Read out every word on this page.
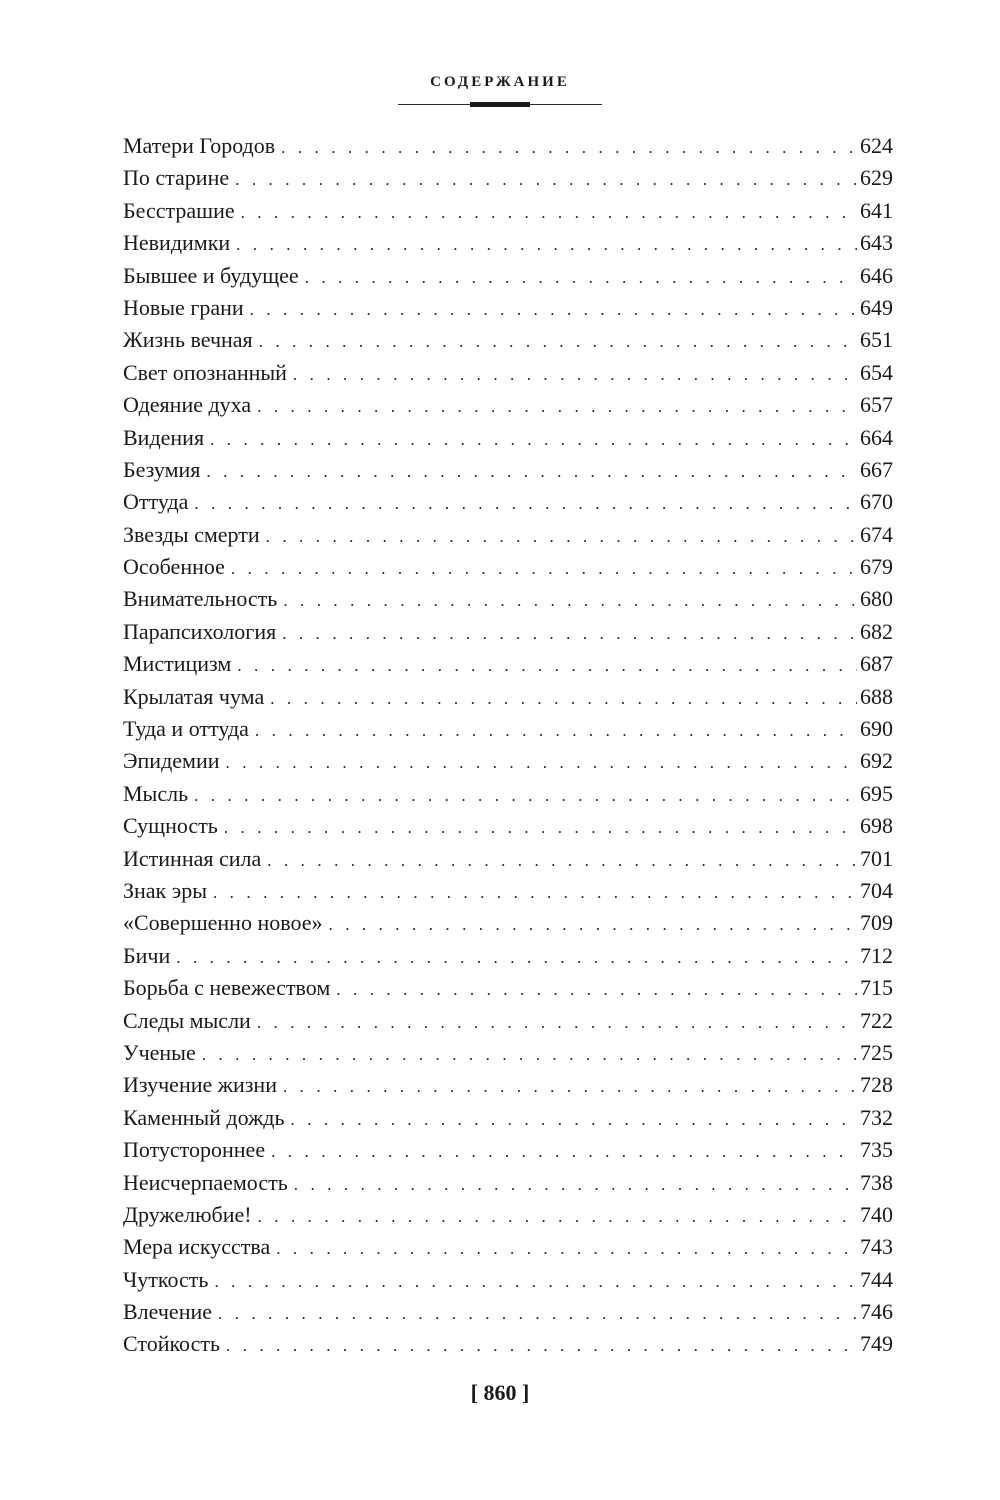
СОДЕРЖАНИЕ
Матери Городов . . .	624
По старине . . .	629
Бесстрашие . . .	641
Невидимки . . .	643
Бывшее и будущее . . .	646
Новые грани . . .	649
Жизнь вечная . . .	651
Свет опознанный . . .	654
Одеяние духа . . .	657
Видения . . .	664
Безумия . . .	667
Оттуда . . .	670
Звезды смерти . . .	674
Особенное . . .	679
Внимательность . . .	680
Парапсихология . . .	682
Мистицизм . . .	687
Крылатая чума . . .	688
Туда и оттуда . . .	690
Эпидемии . . .	692
Мысль . . .	695
Сущность . . .	698
Истинная сила . . .	701
Знак эры . . .	704
«Совершенно новое» . . .	709
Бичи . . .	712
Борьба с невежеством . . .	715
Следы мысли . . .	722
Ученые . . .	725
Изучение жизни . . .	728
Каменный дождь . . .	732
Потустороннее . . .	735
Неисчерпаемость . . .	738
Дружелюбие! . . .	740
Мера искусства . . .	743
Чуткость . . .	744
Влечение . . .	746
Стойкость . . .	749
[ 860 ]
